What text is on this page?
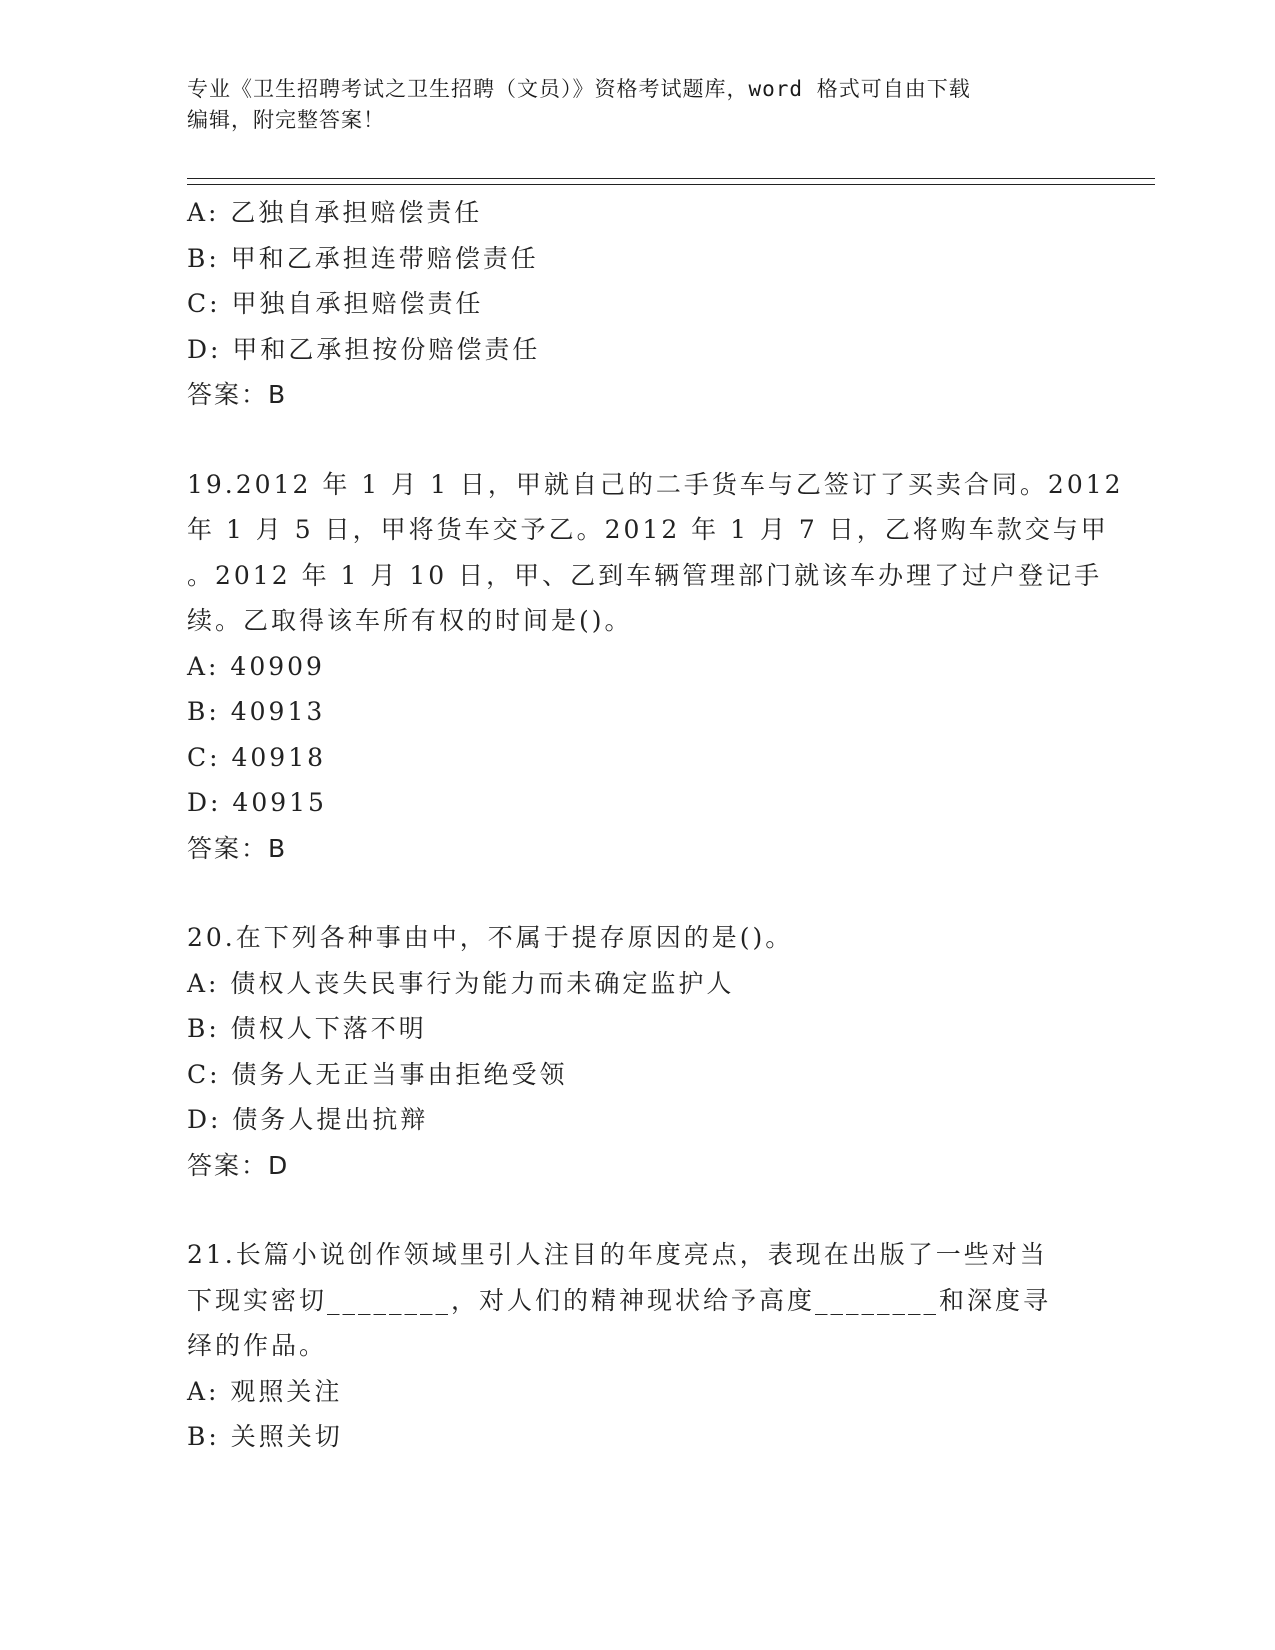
专业《卫生招聘考试之卫生招聘（文员）》资格考试题库，word 格式可自由下载
编辑，附完整答案！
A: 乙独自承担赔偿责任
B: 甲和乙承担连带赔偿责任
C: 甲独自承担赔偿责任
D: 甲和乙承担按份赔偿责任
答案：B
19.2012 年 1 月 1 日，甲就自己的二手货车与乙签订了买卖合同。2012
年 1 月 5 日，甲将货车交予乙。2012 年 1 月 7 日，乙将购车款交与甲
。2012 年 1 月 10 日，甲、乙到车辆管理部门就该车办理了过户登记手
续。乙取得该车所有权的时间是()。
A: 40909
B: 40913
C: 40918
D: 40915
答案：B
20.在下列各种事由中，不属于提存原因的是()。
A: 债权人丧失民事行为能力而未确定监护人
B: 债权人下落不明
C: 债务人无正当事由拒绝受领
D: 债务人提出抗辩
答案：D
21.长篇小说创作领域里引人注目的年度亮点，表现在出版了一些对当
下现实密切________，对人们的精神现状给予高度________和深度寻
绎的作品。
A: 观照关注
B: 关照关切
